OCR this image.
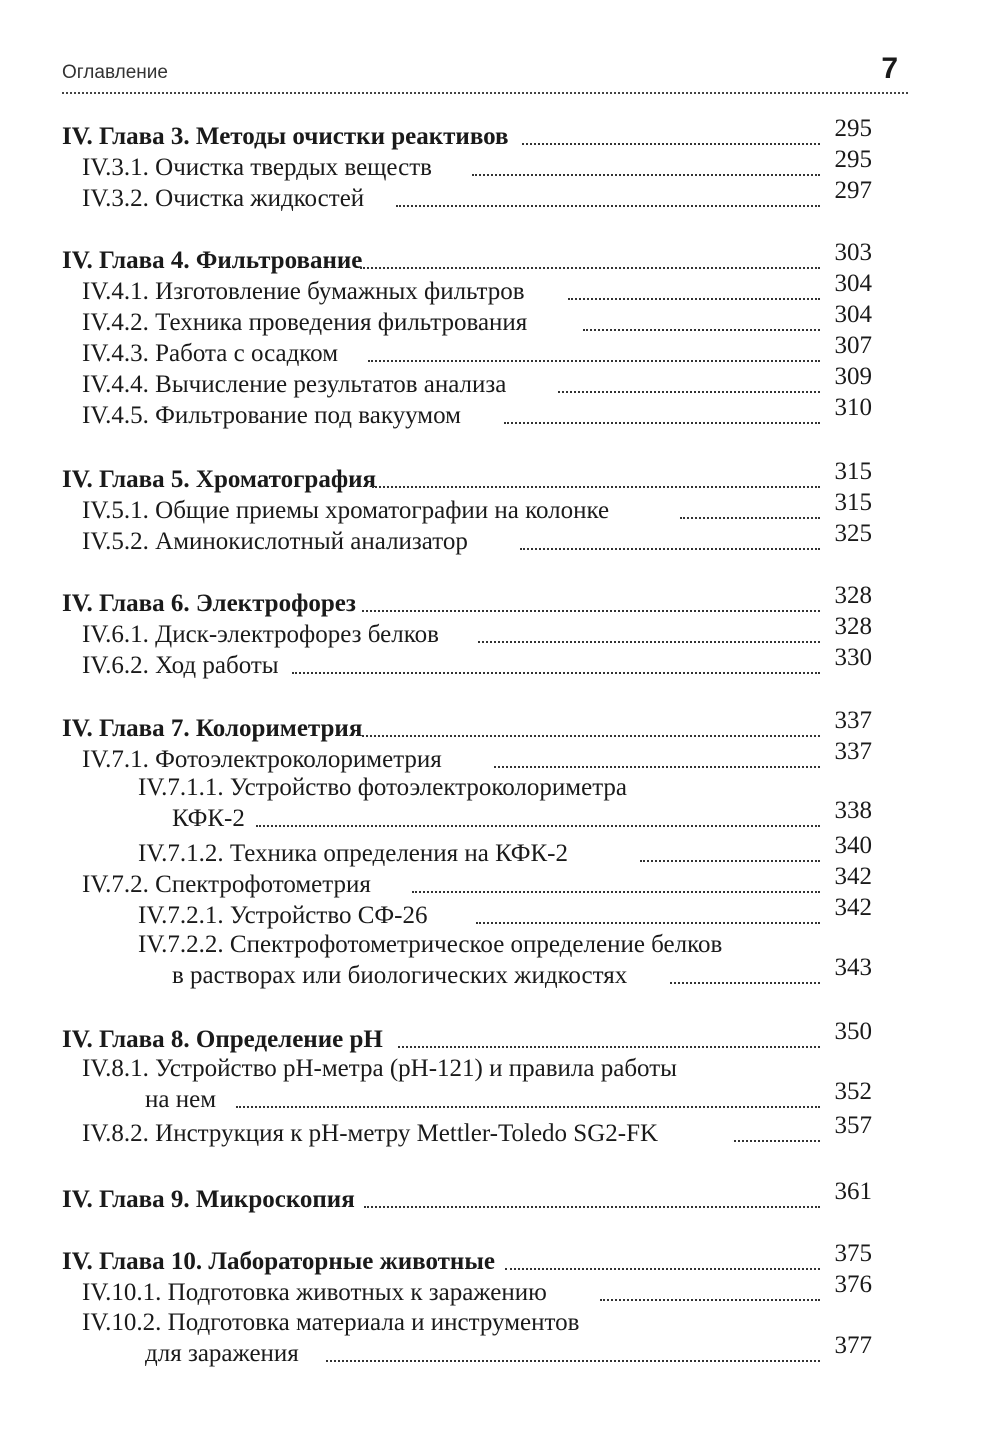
Оглавление	7
IV. Глава 3. Методы очистки реактивов	295
IV.3.1. Очистка твердых веществ	295
IV.3.2. Очистка жидкостей	297
IV. Глава 4. Фильтрование	303
IV.4.1. Изготовление бумажных фильтров	304
IV.4.2. Техника проведения фильтрования	304
IV.4.3. Работа с осадком	307
IV.4.4. Вычисление результатов анализа	309
IV.4.5. Фильтрование под вакуумом	310
IV. Глава 5. Хроматография	315
IV.5.1. Общие приемы хроматографии на колонке	315
IV.5.2. Аминокислотный анализатор	325
IV. Глава 6. Электрофорез	328
IV.6.1. Диск-электрофорез белков	328
IV.6.2. Ход работы	330
IV. Глава 7. Колориметрия	337
IV.7.1. Фотоэлектроколориметрия	337
IV.7.1.1. Устройство фотоэлектроколориметра
КФК-2	338
IV.7.1.2. Техника определения на КФК-2	340
IV.7.2. Спектрофотометрия	342
IV.7.2.1. Устройство СФ-26	342
IV.7.2.2. Спектрофотометрическое определение белков
в растворах или биологических жидкостях	343
IV. Глава 8. Определение pH	350
IV.8.1. Устройство pH-метра (pH-121) и правила работы
на нем	352
IV.8.2. Инструкция к pH-метру Mettler-Toledo SG2-FK	357
IV. Глава 9. Микроскопия	361
IV. Глава 10. Лабораторные животные	375
IV.10.1. Подготовка животных к заражению	376
IV.10.2. Подготовка материала и инструментов
для заражения	377
